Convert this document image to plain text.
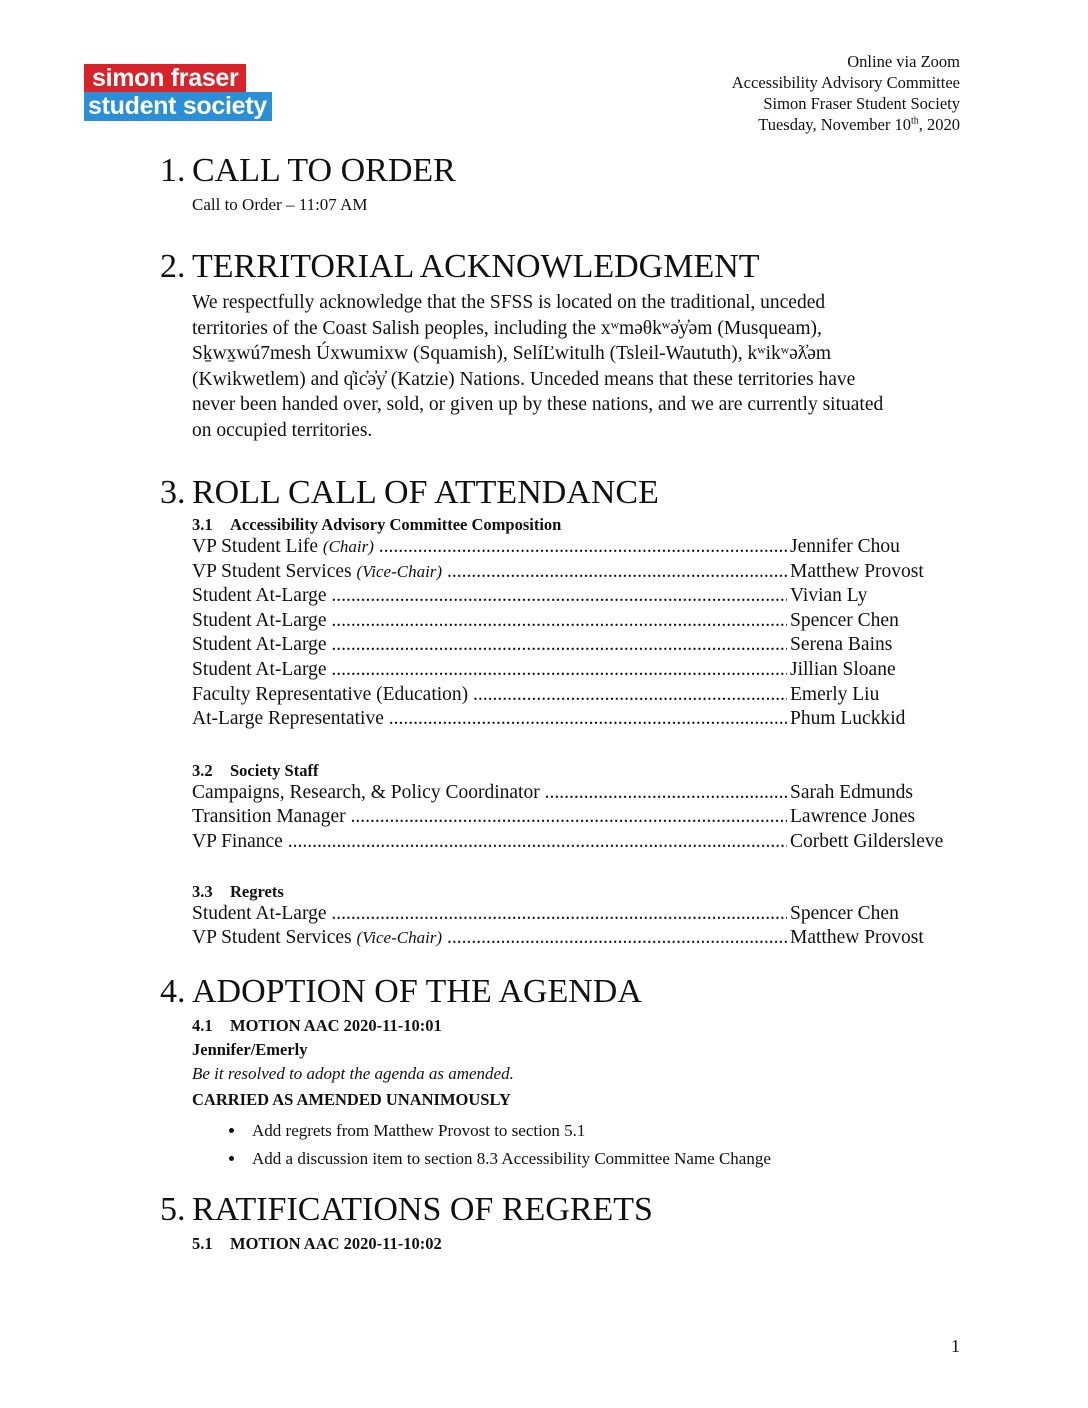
simon fraser
student society
Online via Zoom
Accessibility Advisory Committee
Simon Fraser Student Society
Tuesday, November 10th, 2020
1. CALL TO ORDER
Call to Order – 11:07 AM
2. TERRITORIAL ACKNOWLEDGMENT
We respectfully acknowledge that the SFSS is located on the traditional, unceded
territories of the Coast Salish peoples, including the xʷməθkʷə̓y̓əm (Musqueam),
Sḵwx̱wú7mesh Úxwumixw (Squamish), SelíĽwitulh (Tsleil-Waututh), kʷikʷəƛ̓əm
(Kwikwetlem) and q̓ic̓ə̓y̓ (Katzie) Nations. Unceded means that these territories have
never been handed over, sold, or given up by these nations, and we are currently situated
on occupied territories.
3. ROLL CALL OF ATTENDANCE
3.1 Accessibility Advisory Committee Composition
VP Student Life (Chair) .....	Jennifer Chou
VP Student Services (Vice-Chair) .....	Matthew Provost
Student At-Large .....	Vivian Ly
Student At-Large .....	Spencer Chen
Student At-Large .....	Serena Bains
Student At-Large .....	Jillian Sloane
Faculty Representative (Education) .....	Emerly Liu
At-Large Representative .....	Phum Luckkid
3.2 Society Staff
Campaigns, Research, & Policy Coordinator .....	Sarah Edmunds
Transition Manager .....	Lawrence Jones
VP Finance .....	Corbett Gildersleve
3.3 Regrets
Student At-Large .....	Spencer Chen
VP Student Services (Vice-Chair) .....	Matthew Provost
4. ADOPTION OF THE AGENDA
4.1 MOTION AAC 2020-11-10:01
Jennifer/Emerly
Be it resolved to adopt the agenda as amended.
CARRIED AS AMENDED UNANIMOUSLY
• Add regrets from Matthew Provost to section 5.1
• Add a discussion item to section 8.3 Accessibility Committee Name Change
5. RATIFICATIONS OF REGRETS
5.1 MOTION AAC 2020-11-10:02
1
